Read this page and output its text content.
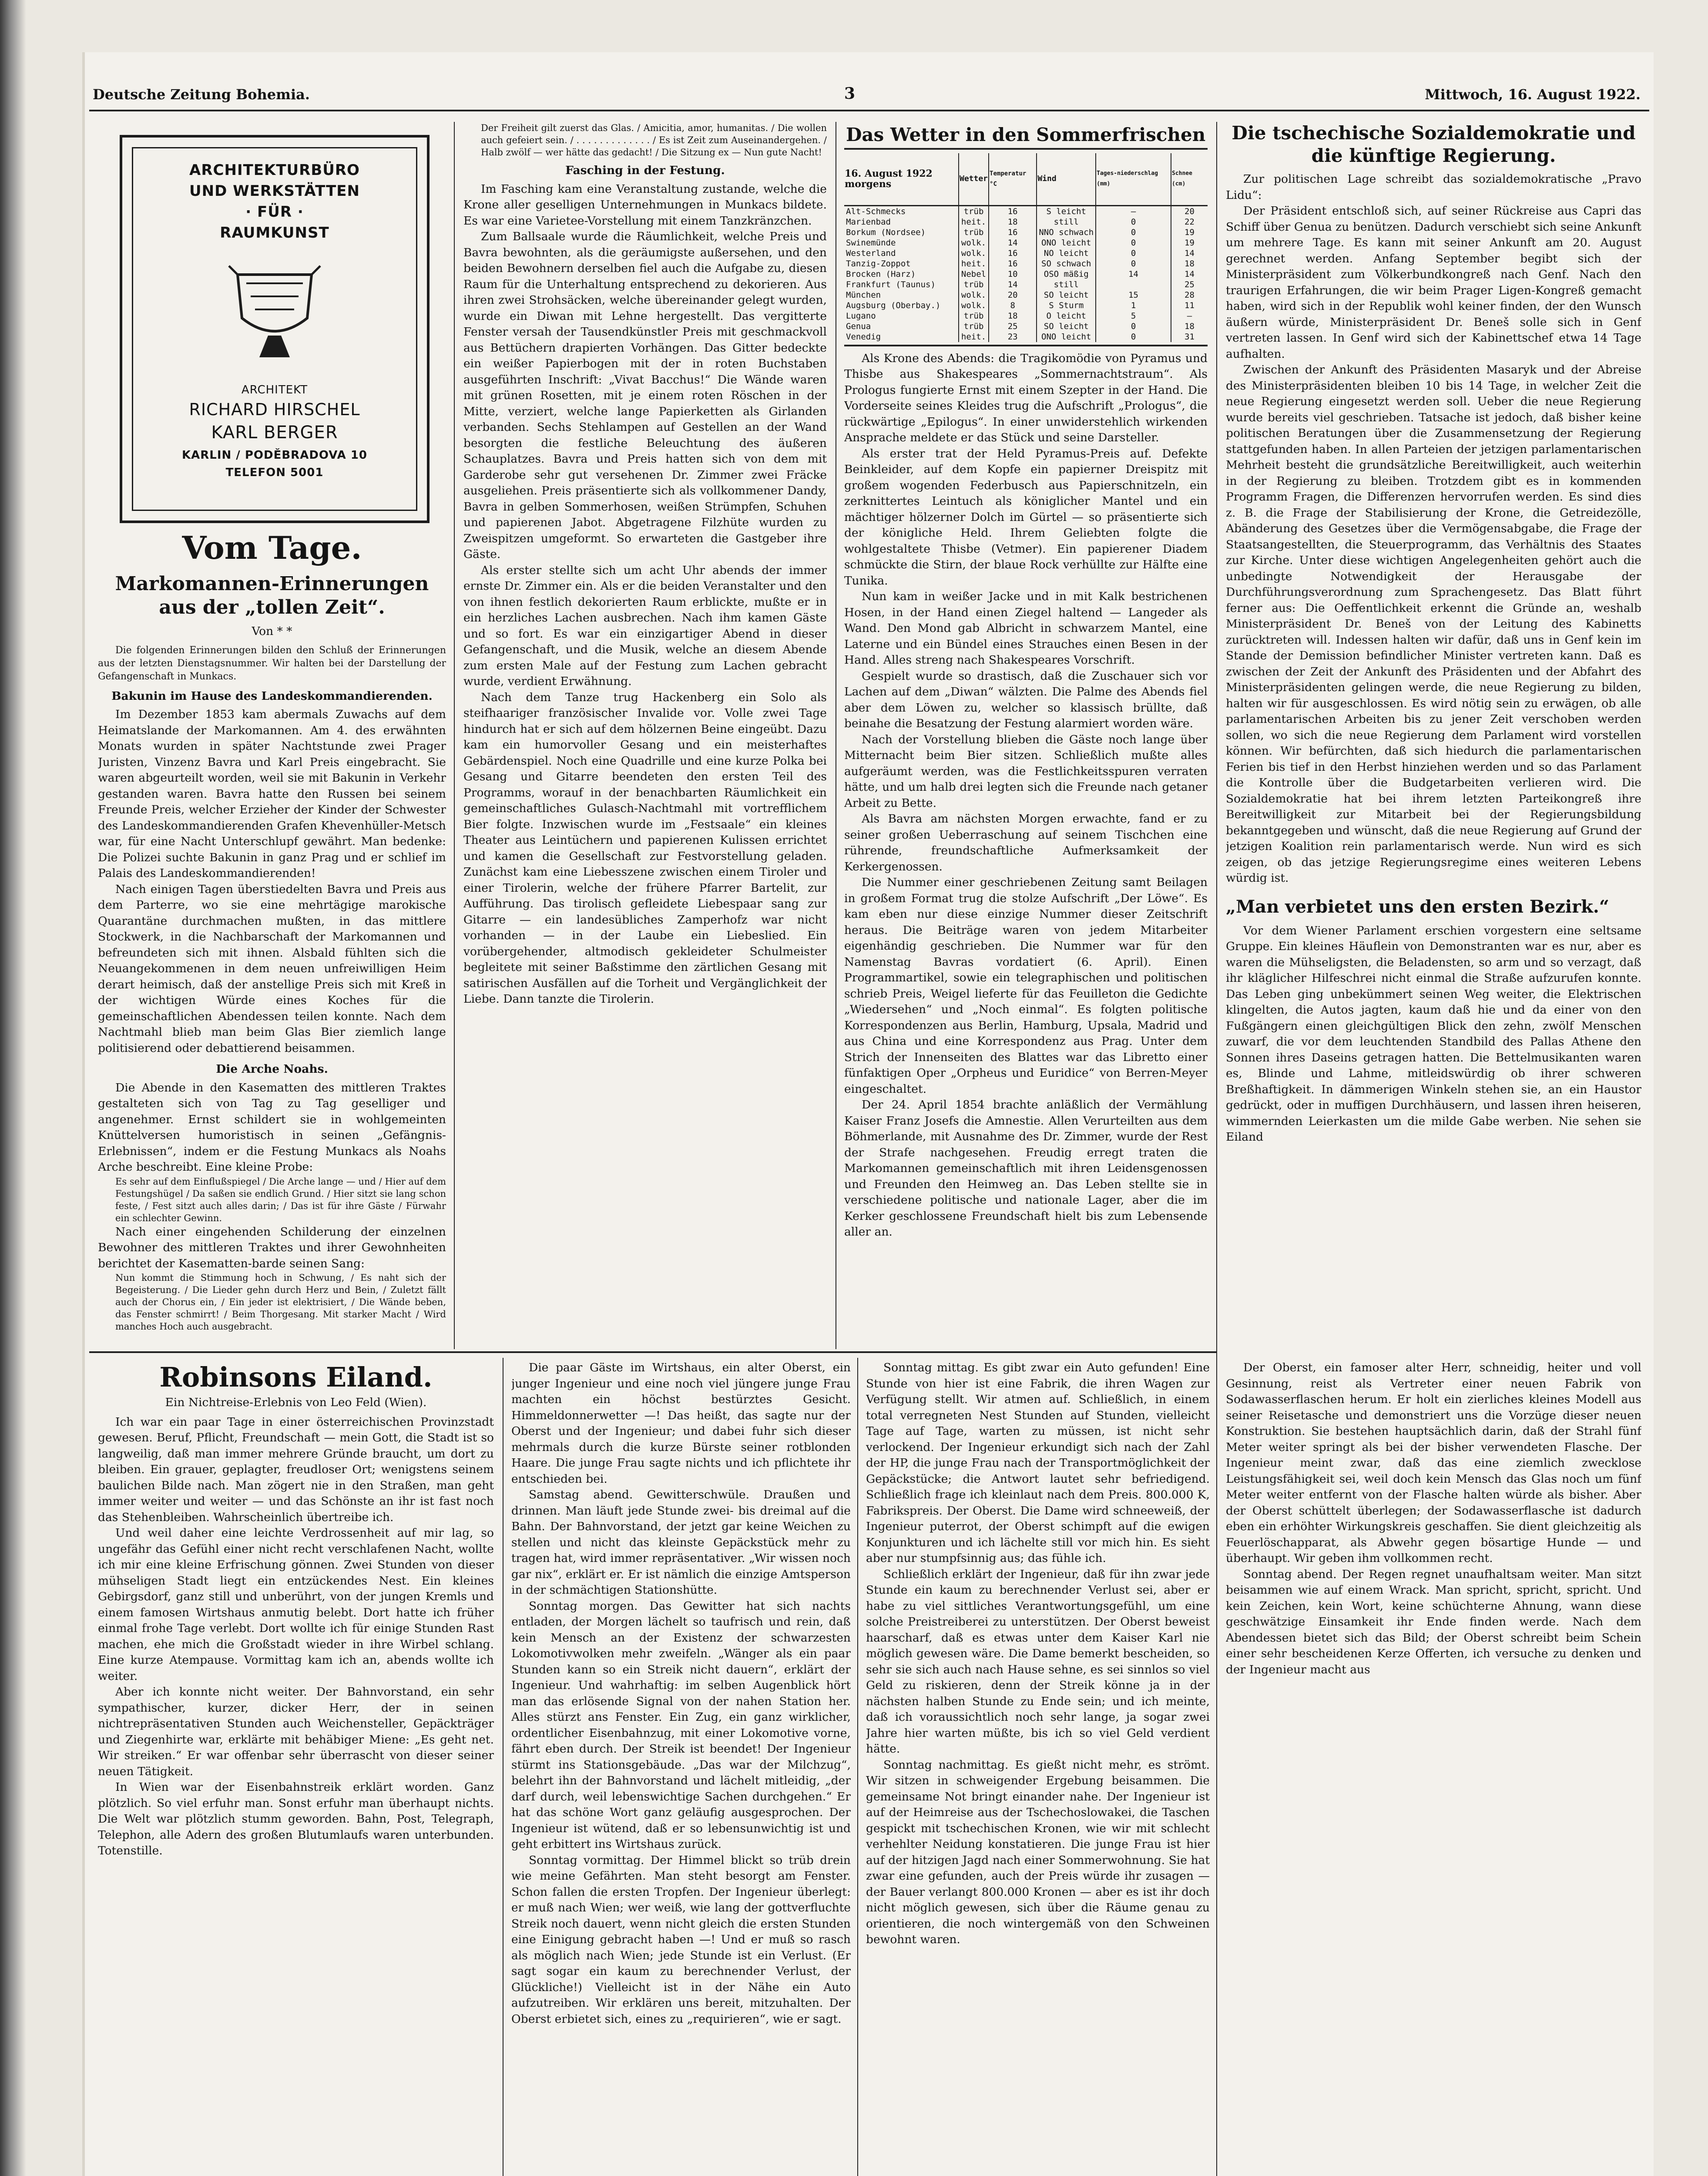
Deutsche Zeitung Bohemia.	3	Mittwoch, 16. August 1922.
ARCHITEKTURBÜRO
UND WERKSTÄTTEN
· FÜR ·
RAUMKUNST
ARCHITEKT
RICHARD HIRSCHEL
KARL BERGER
KARLIN / PODĚBRADOVA 10
TELEFON 5001
Vom Tage.
Markomannen-Erinnerungen aus der „tollen Zeit“.

Von * *

Die folgenden Erinnerungen bilden den Schluß der Erinnerungen aus der letzten Dienstagsnummer. Wir halten bei der Darstellung der Gefangenschaft in Munkacs.

Bakunin im Hause des Landeskommandierenden.

Im Dezember 1853 kam abermals Zuwachs auf dem Heimatslande der Markomannen. Am 4. des erwähnten Monats wurden in später Nachtstunde zwei Prager Juristen, Vinzenz Bavra und Karl Preis eingebracht. Sie waren abgeurteilt worden, weil sie mit Bakunin in Verkehr gestanden waren. Bavra hatte den Russen bei seinem Freunde Preis, welcher Erzieher der Kinder der Schwester des Landeskommandierenden Grafen Khevenhüller-Metsch war, für eine Nacht Unterschlupf gewährt. Man bedenke: Die Polizei suchte Bakunin in ganz Prag und er schlief im Palais des Landeskommandierenden!

Nach einigen Tagen überstiedelten Bavra und Preis aus dem Parterre, wo sie eine mehrtägige marokische Quarantäne durchmachen mußten, in das mittlere Stockwerk, in die Nachbarschaft der Markomannen und befreundeten sich mit ihnen. Alsbald fühlten sich die Neuangekommenen in dem neuen unfreiwilligen Heim derart heimisch, daß der anstellige Preis sich mit Kreß in der wichtigen Würde eines Koches für die gemeinschaftlichen Abendessen teilen konnte. Nach dem Nachtmahl blieb man beim Glas Bier ziemlich lange politisierend oder debattierend beisammen.

Die Arche Noahs.

Die Abende in den Kasematten des mittleren Traktes gestalteten sich von Tag zu Tag geselliger und angenehmer. Ernst schildert sie in wohlgemeinten Knüttelversen humoristisch in seinen „Gefängnis-Erlebnissen“, indem er die Festung Munkacs als Noahs Arche beschreibt. Eine kleine Probe:

Es sehr auf dem Einflußspiegel / Die Arche lange — und / Hier auf dem Festungshügel / Da saßen sie endlich Grund. / Hier sitzt sie lang schon feste, / Fest sitzt auch alles darin; / Das ist für ihre Gäste / Fürwahr ein schlechter Gewinn.

Nach einer eingehenden Schilderung der einzelnen Bewohner des mittleren Traktes und ihrer Gewohnheiten berichtet der Kasematten-barde seinen Sang:

Nun kommt die Stimmung hoch in Schwung, / Es naht sich der Begeisterung. / Die Lieder gehn durch Herz und Bein, / Zuletzt fällt auch der Chorus ein, / Ein jeder ist elektrisiert, / Die Wände beben, das Fenster schmirrt! / Beim Thorgesang. Mit starker Macht / Wird manches Hoch auch ausgebracht.

Der Freiheit gilt zuerst das Glas. / Amicitia, amor, humanitas. / Die wollen auch gefeiert sein. / . . . . . . . . . . . . . / Es ist Zeit zum Auseinandergehen. / Halb zwölf — wer hätte das gedacht! / Die Sitzung ex — Nun gute Nacht!

Fasching in der Festung.

Im Fasching kam eine Veranstaltung zustande, welche die Krone aller geselligen Unternehmungen in Munkacs bildete. Es war eine Varietee-Vorstellung mit einem Tanzkränzchen.

Zum Ballsaale wurde die Räumlichkeit, welche Preis und Bavra bewohnten, als die geräumigste außersehen, und den beiden Bewohnern derselben fiel auch die Aufgabe zu, diesen Raum für die Unterhaltung entsprechend zu dekorieren. Aus ihren zwei Strohsäcken, welche übereinander gelegt wurden, wurde ein Diwan mit Lehne hergestellt. Das vergitterte Fenster versah der Tausendkünstler Preis mit geschmackvoll aus Bettüchern drapierten Vorhängen. Das Gitter bedeckte ein weißer Papierbogen mit der in roten Buchstaben ausgeführten Inschrift: „Vivat Bacchus!“ Die Wände waren mit grünen Rosetten, mit je einem roten Röschen in der Mitte, verziert, welche lange Papierketten als Girlanden verbanden. Sechs Stehlampen auf Gestellen an der Wand besorgten die festliche Beleuchtung des äußeren Schauplatzes. Bavra und Preis hatten sich von dem mit Garderobe sehr gut versehenen Dr. Zimmer zwei Fräcke ausgeliehen. Preis präsentierte sich als vollkommener Dandy, Bavra in gelben Sommerhosen, weißen Strümpfen, Schuhen und papierenen Jabot. Abgetragene Filzhüte wurden zu Zweispitzen umgeformt. So erwarteten die Gastgeber ihre Gäste.

Als erster stellte sich um acht Uhr abends der immer ernste Dr. Zimmer ein. Als er die beiden Veranstalter und den von ihnen festlich dekorierten Raum erblickte, mußte er in ein herzliches Lachen ausbrechen. Nach ihm kamen Gäste und so fort. Es war ein einzigartiger Abend in dieser Gefangenschaft, und die Musik, welche an diesem Abende zum ersten Male auf der Festung zum Lachen gebracht wurde, verdient Erwähnung.

Nach dem Tanze trug Hackenberg ein Solo als steifhaariger französischer Invalide vor. Volle zwei Tage hindurch hat er sich auf dem hölzernen Beine eingeübt. Dazu kam ein humorvoller Gesang und ein meisterhaftes Gebärdenspiel. Noch eine Quadrille und eine kurze Polka bei Gesang und Gitarre beendeten den ersten Teil des Programms, worauf in der benachbarten Räumlichkeit ein gemeinschaftliches Gulasch-Nachtmahl mit vortrefflichem Bier folgte. Inzwischen wurde im „Festsaale“ ein kleines Theater aus Leintüchern und papierenen Kulissen errichtet und kamen die Gesellschaft zur Festvorstellung geladen. Zunächst kam eine Liebesszene zwischen einem Tiroler und einer Tirolerin, welche der frühere Pfarrer Bartelit, zur Aufführung. Das tirolisch gefleidete Liebespaar sang zur Gitarre — ein landesübliches Zamperhofz war nicht vorhanden — in der Laube ein Liebeslied. Ein vorübergehender, altmodisch gekleideter Schulmeister begleitete mit seiner Baßstimme den zärtlichen Gesang mit satirischen Ausfällen auf die Torheit und Vergänglichkeit der Liebe. Dann tanzte die Tirolerin.

Das Wetter in den Sommerfrischen
16. August 1922 morgens	Wetter	Temperatur °C	Wind	Tages-niederschlag (mm)	Schnee (cm)
Alt-Schmecks	trüb	16	S leicht	—	20
Marienbad	heit.	18	still	0	22
Borkum (Nordsee)	trüb	16	NNO schwach	0	19
Swinemünde	wolk.	14	ONO leicht	0	19
Westerland	wolk.	16	NO leicht	0	14
Tanzig-Zoppot	heit.	16	SO schwach	0	18
Brocken (Harz)	Nebel	10	OSO mäßig	14	14
Frankfurt (Taunus)	trüb	14	still		25
München	wolk.	20	SO leicht	15	28
Augsburg (Oberbay.)	wolk.	8	S Sturm	1	11
Lugano	trüb	18	O leicht	5	—
Genua	trüb	25	SO leicht	0	18
Venedig	heit.	23	ONO leicht	0	31

Als Krone des Abends: die Tragikomödie von Pyramus und Thisbe aus Shakespeares „Sommernachtstraum“. Als Prologus fungierte Ernst mit einem Szepter in der Hand. Die Vorderseite seines Kleides trug die Aufschrift „Prologus“, die rückwärtige „Epilogus“. In einer unwiderstehlich wirkenden Ansprache meldete er das Stück und seine Darsteller.

Als erster trat der Held Pyramus-Preis auf. Defekte Beinkleider, auf dem Kopfe ein papierner Dreispitz mit großem wogenden Federbusch aus Papierschnitzeln, ein zerknittertes Leintuch als königlicher Mantel und ein mächtiger hölzerner Dolch im Gürtel — so präsentierte sich der königliche Held. Ihrem Geliebten folgte die wohlgestaltete Thisbe (Vetmer). Ein papierener Diadem schmückte die Stirn, der blaue Rock verhüllte zur Hälfte eine Tunika.

Nun kam in weißer Jacke und in mit Kalk bestrichenen Hosen, in der Hand einen Ziegel haltend — Langeder als Wand. Den Mond gab Albricht in schwarzem Mantel, eine Laterne und ein Bündel eines Strauches einen Besen in der Hand. Alles streng nach Shakespeares Vorschrift.

Gespielt wurde so drastisch, daß die Zuschauer sich vor Lachen auf dem „Diwan“ wälzten. Die Palme des Abends fiel aber dem Löwen zu, welcher so klassisch brüllte, daß beinahe die Besatzung der Festung alarmiert worden wäre.

Nach der Vorstellung blieben die Gäste noch lange über Mitternacht beim Bier sitzen. Schließlich mußte alles aufgeräumt werden, was die Festlichkeitsspuren verraten hätte, und um halb drei legten sich die Freunde nach getaner Arbeit zu Bette.

Als Bavra am nächsten Morgen erwachte, fand er zu seiner großen Ueberraschung auf seinem Tischchen eine rührende, freundschaftliche Aufmerksamkeit der Kerkergenossen.

Die Nummer einer geschriebenen Zeitung samt Beilagen in großem Format trug die stolze Aufschrift „Der Löwe“. Es kam eben nur diese einzige Nummer dieser Zeitschrift heraus. Die Beiträge waren von jedem Mitarbeiter eigenhändig geschrieben. Die Nummer war für den Namenstag Bavras vordatiert (6. April). Einen Programmartikel, sowie ein telegraphischen und politischen schrieb Preis, Weigel lieferte für das Feuilleton die Gedichte „Wiedersehen“ und „Noch einmal“. Es folgten politische Korrespondenzen aus Berlin, Hamburg, Upsala, Madrid und aus China und eine Korrespondenz aus Prag. Unter dem Strich der Innenseiten des Blattes war das Libretto einer fünfaktigen Oper „Orpheus und Euridice“ von Berren-Meyer eingeschaltet.

Der 24. April 1854 brachte anläßlich der Vermählung Kaiser Franz Josefs die Amnestie. Allen Verurteilten aus dem Böhmerlande, mit Ausnahme des Dr. Zimmer, wurde der Rest der Strafe nachgesehen. Freudig erregt traten die Markomannen gemeinschaftlich mit ihren Leidensgenossen und Freunden den Heimweg an. Das Leben stellte sie in verschiedene politische und nationale Lager, aber die im Kerker geschlossene Freundschaft hielt bis zum Lebensende aller an.

Die tschechische Sozialdemokratie und die künftige Regierung.

Zur politischen Lage schreibt das sozialdemokratische „Pravo Lidu“:

Der Präsident entschloß sich, auf seiner Rückreise aus Capri das Schiff über Genua zu benützen. Dadurch verschiebt sich seine Ankunft um mehrere Tage. Es kann mit seiner Ankunft am 20. August gerechnet werden. Anfang September begibt sich der Ministerpräsident zum Völkerbundkongreß nach Genf. Nach den traurigen Erfahrungen, die wir beim Prager Ligen-Kongreß gemacht haben, wird sich in der Republik wohl keiner finden, der den Wunsch äußern würde, Ministerpräsident Dr. Beneš solle sich in Genf vertreten lassen. In Genf wird sich der Kabinettschef etwa 14 Tage aufhalten.

Zwischen der Ankunft des Präsidenten Masaryk und der Abreise des Ministerpräsidenten bleiben 10 bis 14 Tage, in welcher Zeit die neue Regierung eingesetzt werden soll. Ueber die neue Regierung wurde bereits viel geschrieben. Tatsache ist jedoch, daß bisher keine politischen Beratungen über die Zusammensetzung der Regierung stattgefunden haben. In allen Parteien der jetzigen parlamentarischen Mehrheit besteht die grundsätzliche Bereitwilligkeit, auch weiterhin in der Regierung zu bleiben. Trotzdem gibt es in kommenden Programm Fragen, die Differenzen hervorrufen werden. Es sind dies z. B. die Frage der Stabilisierung der Krone, die Getreidezölle, Abänderung des Gesetzes über die Vermögensabgabe, die Frage der Staatsangestellten, die Steuerprogramm, das Verhältnis des Staates zur Kirche. Unter diese wichtigen Angelegenheiten gehört auch die unbedingte Notwendigkeit der Herausgabe der Durchführungsverordnung zum Sprachengesetz. Das Blatt führt ferner aus: Die Oeffentlichkeit erkennt die Gründe an, weshalb Ministerpräsident Dr. Beneš von der Leitung des Kabinetts zurücktreten will. Indessen halten wir dafür, daß uns in Genf kein im Stande der Demission befindlicher Minister vertreten kann. Daß es zwischen der Zeit der Ankunft des Präsidenten und der Abfahrt des Ministerpräsidenten gelingen werde, die neue Regierung zu bilden, halten wir für ausgeschlossen. Es wird nötig sein zu erwägen, ob alle parlamentarischen Arbeiten bis zu jener Zeit verschoben werden sollen, wo sich die neue Regierung dem Parlament wird vorstellen können. Wir befürchten, daß sich hiedurch die parlamentarischen Ferien bis tief in den Herbst hinziehen werden und so das Parlament die Kontrolle über die Budgetarbeiten verlieren wird. Die Sozialdemokratie hat bei ihrem letzten Parteikongreß ihre Bereitwilligkeit zur Mitarbeit bei der Regierungsbildung bekanntgegeben und wünscht, daß die neue Regierung auf Grund der jetzigen Koalition rein parlamentarisch werde. Nun wird es sich zeigen, ob das jetzige Regierungsregime eines weiteren Lebens würdig ist.

„Man verbietet uns den ersten Bezirk.“

Vor dem Wiener Parlament erschien vorgestern eine seltsame Gruppe. Ein kleines Häuflein von Demonstranten war es nur, aber es waren die Mühseligsten, die Beladensten, so arm und so verzagt, daß ihr kläglicher Hilfeschrei nicht einmal die Straße aufzurufen konnte. Das Leben ging unbekümmert seinen Weg weiter, die Elektrischen klingelten, die Autos jagten, kaum daß hie und da einer von den Fußgängern einen gleichgültigen Blick den zehn, zwölf Menschen zuwarf, die vor dem leuchtenden Standbild des Pallas Athene den Sonnen ihres Daseins getragen hatten. Die Bettelmusikanten waren es, Blinde und Lahme, mitleidswürdig ob ihrer schweren Breßhaftigkeit. In dämmerigen Winkeln stehen sie, an ein Haustor gedrückt, oder in muffigen Durchhäusern, und lassen ihren heiseren, wimmernden Leierkasten um die milde Gabe werben. Nie sehen sie Eiland

Robinsons Eiland.

Ein Nichtreise-Erlebnis von Leo Feld (Wien).

Ich war ein paar Tage in einer österreichischen Provinzstadt gewesen. Beruf, Pflicht, Freundschaft — mein Gott, die Stadt ist so langweilig, daß man immer mehrere Gründe braucht, um dort zu bleiben. Ein grauer, geplagter, freudloser Ort; wenigstens seinem baulichen Bilde nach. Man zögert nie in den Straßen, man geht immer weiter und weiter — und das Schönste an ihr ist fast noch das Stehenbleiben. Wahrscheinlich übertreibe ich.

Und weil daher eine leichte Verdrossenheit auf mir lag, so ungefähr das Gefühl einer nicht recht verschlafenen Nacht, wollte ich mir eine kleine Erfrischung gönnen. Zwei Stunden von dieser mühseligen Stadt liegt ein entzückendes Nest. Ein kleines Gebirgsdorf, ganz still und unberührt, von der jungen Kremls und einem famosen Wirtshaus anmutig belebt. Dort hatte ich früher einmal frohe Tage verlebt. Dort wollte ich für einige Stunden Rast machen, ehe mich die Großstadt wieder in ihre Wirbel schlang. Eine kurze Atempause. Vormittag kam ich an, abends wollte ich weiter.

Aber ich konnte nicht weiter. Der Bahnvorstand, ein sehr sympathischer, kurzer, dicker Herr, der in seinen nichtrepräsentativen Stunden auch Weichensteller, Gepäckträger und Ziegenhirte war, erklärte mit behäbiger Miene: „Es geht net. Wir streiken.“ Er war offenbar sehr überrascht von dieser seiner neuen Tätigkeit.

In Wien war der Eisenbahnstreik erklärt worden. Ganz plötzlich. So viel erfuhr man. Sonst erfuhr man überhaupt nichts. Die Welt war plötzlich stumm geworden. Bahn, Post, Telegraph, Telephon, alle Adern des großen Blutumlaufs waren unterbunden. Totenstille.

Die paar Gäste im Wirtshaus, ein alter Oberst, ein junger Ingenieur und eine noch viel jüngere junge Frau machten ein höchst bestürztes Gesicht. Himmeldonnerwetter —! Das heißt, das sagte nur der Oberst und der Ingenieur; und dabei fuhr sich dieser mehrmals durch die kurze Bürste seiner rotblonden Haare. Die junge Frau sagte nichts und ich pflichtete ihr entschieden bei.

Samstag abend. Gewitterschwüle. Draußen und drinnen. Man läuft jede Stunde zwei- bis dreimal auf die Bahn. Der Bahnvorstand, der jetzt gar keine Weichen zu stellen und nicht das kleinste Gepäckstück mehr zu tragen hat, wird immer repräsentativer. „Wir wissen noch gar nix“, erklärt er. Er ist nämlich die einzige Amtsperson in der schmächtigen Stationshütte.

Sonntag morgen. Das Gewitter hat sich nachts entladen, der Morgen lächelt so taufrisch und rein, daß kein Mensch an der Existenz der schwarzesten Lokomotivwolken mehr zweifeln. „Wänger als ein paar Stunden kann so ein Streik nicht dauern“, erklärt der Ingenieur. Und wahrhaftig: im selben Augenblick hört man das erlösende Signal von der nahen Station her. Alles stürzt ans Fenster. Ein Zug, ein ganz wirklicher, ordentlicher Eisenbahnzug, mit einer Lokomotive vorne, fährt eben durch. Der Streik ist beendet! Der Ingenieur stürmt ins Stationsgebäude. „Das war der Milchzug“, belehrt ihn der Bahnvorstand und lächelt mitleidig, „der darf durch, weil lebenswichtige Sachen durchgehen.“ Er hat das schöne Wort ganz geläufig ausgesprochen. Der Ingenieur ist wütend, daß er so lebensunwichtig ist und geht erbittert ins Wirtshaus zurück.

Sonntag vormittag. Der Himmel blickt so trüb drein wie meine Gefährten. Man steht besorgt am Fenster. Schon fallen die ersten Tropfen. Der Ingenieur überlegt: er muß nach Wien; wer weiß, wie lang der gottverfluchte Streik noch dauert, wenn nicht gleich die ersten Stunden eine Einigung gebracht haben —! Und er muß so rasch als möglich nach Wien; jede Stunde ist ein Verlust. (Er sagt sogar ein kaum zu berechnender Verlust, der Glückliche!) Vielleicht ist in der Nähe ein Auto aufzutreiben. Wir erklären uns bereit, mitzuhalten. Der Oberst erbietet sich, eines zu „requirieren“, wie er sagt.

Sonntag mittag. Es gibt zwar ein Auto gefunden! Eine Stunde von hier ist eine Fabrik, die ihren Wagen zur Verfügung stellt. Wir atmen auf. Schließlich, in einem total verregneten Nest Stunden auf Stunden, vielleicht Tage auf Tage, warten zu müssen, ist nicht sehr verlockend. Der Ingenieur erkundigt sich nach der Zahl der HP, die junge Frau nach der Transportmöglichkeit der Gepäckstücke; die Antwort lautet sehr befriedigend. Schließlich frage ich kleinlaut nach dem Preis. 800.000 K, Fabrikspreis. Der Oberst. Die Dame wird schneeweiß, der Ingenieur puterrot, der Oberst schimpft auf die ewigen Konjunkturen und ich lächelte still vor mich hin. Es sieht aber nur stumpfsinnig aus; das fühle ich.

Schließlich erklärt der Ingenieur, daß für ihn zwar jede Stunde ein kaum zu berechnender Verlust sei, aber er habe zu viel sittliches Verantwortungsgefühl, um eine solche Preistreiberei zu unterstützen. Der Oberst beweist haarscharf, daß es etwas unter dem Kaiser Karl nie möglich gewesen wäre. Die Dame bemerkt bescheiden, so sehr sie sich auch nach Hause sehne, es sei sinnlos so viel Geld zu riskieren, denn der Streik könne ja in der nächsten halben Stunde zu Ende sein; und ich meinte, daß ich voraussichtlich noch sehr lange, ja sogar zwei Jahre hier warten müßte, bis ich so viel Geld verdient hätte.

Sonntag nachmittag. Es gießt nicht mehr, es strömt. Wir sitzen in schweigender Ergebung beisammen. Die gemeinsame Not bringt einander nahe. Der Ingenieur ist auf der Heimreise aus der Tschechoslowakei, die Taschen gespickt mit tschechischen Kronen, wie wir mit schlecht verhehlter Neidung konstatieren. Die junge Frau ist hier auf der hitzigen Jagd nach einer Sommerwohnung. Sie hat zwar eine gefunden, auch der Preis würde ihr zusagen — der Bauer verlangt 800.000 Kronen — aber es ist ihr doch nicht möglich gewesen, sich über die Räume genau zu orientieren, die noch wintergemäß von den Schweinen bewohnt waren.

Der Oberst, ein famoser alter Herr, schneidig, heiter und voll Gesinnung, reist als Vertreter einer neuen Fabrik von Sodawasserflaschen herum. Er holt ein zierliches kleines Modell aus seiner Reisetasche und demonstriert uns die Vorzüge dieser neuen Konstruktion. Sie bestehen hauptsächlich darin, daß der Strahl fünf Meter weiter springt als bei der bisher verwendeten Flasche. Der Ingenieur meint zwar, daß das eine ziemlich zwecklose Leistungsfähigkeit sei, weil doch kein Mensch das Glas noch um fünf Meter weiter entfernt von der Flasche halten würde als bisher. Aber der Oberst schüttelt überlegen; der Sodawasserflasche ist dadurch eben ein erhöhter Wirkungskreis geschaffen. Sie dient gleichzeitig als Feuerlöschapparat, als Abwehr gegen bösartige Hunde — und überhaupt. Wir geben ihm vollkommen recht.

Sonntag abend. Der Regen regnet unaufhaltsam weiter. Man sitzt beisammen wie auf einem Wrack. Man spricht, spricht, spricht. Und kein Zeichen, kein Wort, keine schüchterne Ahnung, wann diese geschwätzige Einsamkeit ihr Ende finden werde. Nach dem Abendessen bietet sich das Bild; der Oberst schreibt beim Schein einer sehr bescheidenen Kerze Offerten, ich versuche zu denken und der Ingenieur macht aus
